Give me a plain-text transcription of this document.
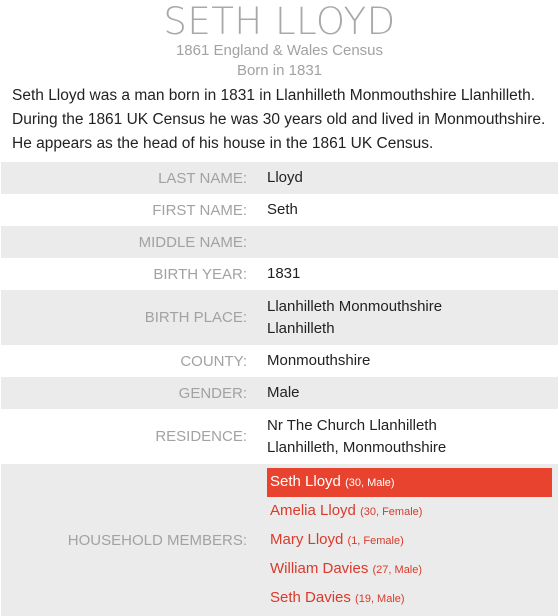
SETH LLOYD
1861 England & Wales Census
Born in 1831
Seth Lloyd was a man born in 1831 in Llanhilleth Monmouthshire Llanhilleth.
During the 1861 UK Census he was 30 years old and lived in Monmouthshire.
He appears as the head of his house in the 1861 UK Census.
LAST NAME:	Lloyd
FIRST NAME:	Seth
MIDDLE NAME:	
BIRTH YEAR:	1831
BIRTH PLACE:	Llanhilleth Monmouthshire
Llanhilleth

COUNTY:	Monmouthshire
GENDER:	Male
RESIDENCE:	Nr The Church Llanhilleth
Llanhilleth, Monmouthshire

HOUSEHOLD MEMBERS:	Seth Lloyd (30, Male)
Amelia Lloyd (30, Female)
Mary Lloyd (1, Female)
William Davies (27, Male)
Seth Davies (19, Male)
